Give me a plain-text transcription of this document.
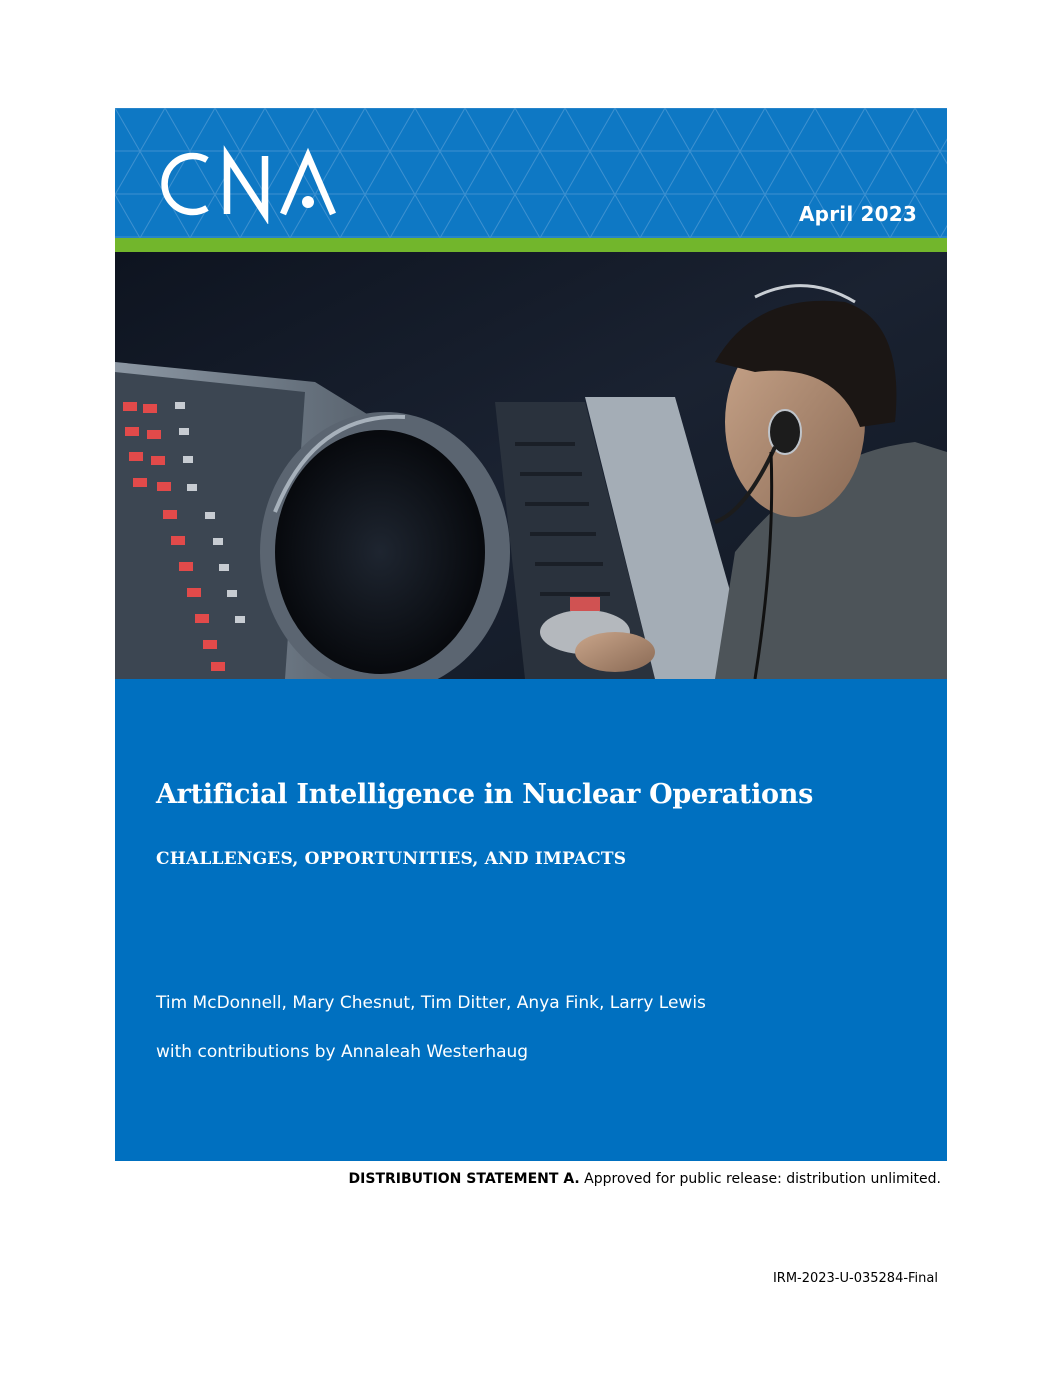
April 2023
Artificial Intelligence in Nuclear Operations
CHALLENGES, OPPORTUNITIES, AND IMPACTS

Tim McDonnell, Mary Chesnut, Tim Ditter, Anya Fink, Larry Lewis

with contributions by Annaleah Westerhaug

DISTRIBUTION STATEMENT A. Approved for public release: distribution unlimited.
IRM-2023-U-035284-Final
